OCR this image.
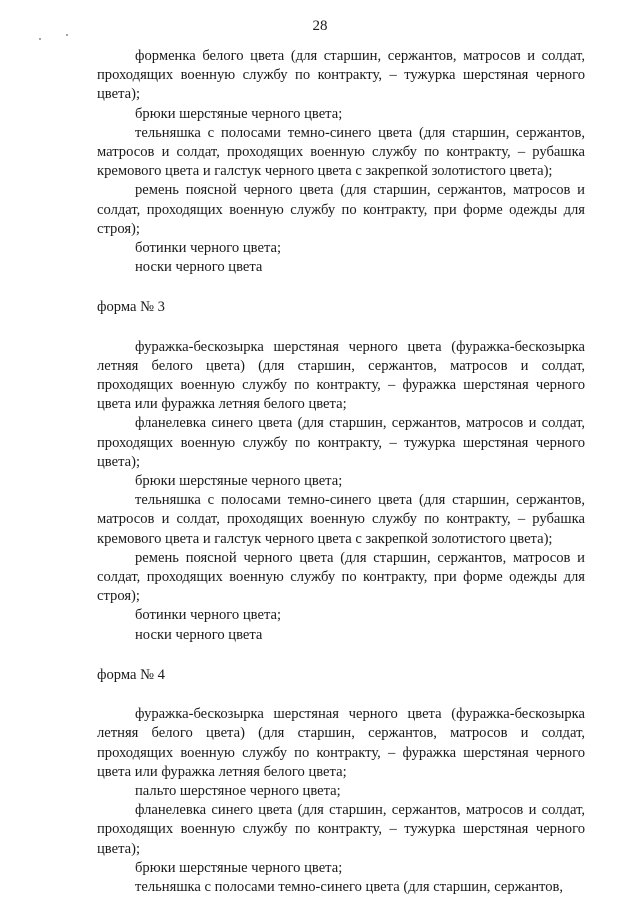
28

форменка белого цвета (для старшин, сержантов, матросов и солдат, проходящих военную службу по контракту, – тужурка шерстяная черного цвета);

брюки шерстяные черного цвета;

тельняшка с полосами темно-синего цвета (для старшин, сержантов, матросов и солдат, проходящих военную службу по контракту, – рубашка кремового цвета и галстук черного цвета с закрепкой золотистого цвета);

ремень поясной черного цвета (для старшин, сержантов, матросов и солдат, проходящих военную службу по контракту, при форме одежды для строя);

ботинки черного цвета;

носки черного цвета

форма № 3

фуражка-бескозырка шерстяная черного цвета (фуражка-бескозырка летняя белого цвета) (для старшин, сержантов, матросов и солдат, проходящих военную службу по контракту, – фуражка шерстяная черного цвета или фуражка летняя белого цвета;

фланелевка синего цвета (для старшин, сержантов, матросов и солдат, проходящих военную службу по контракту, – тужурка шерстяная черного цвета);

брюки шерстяные черного цвета;

тельняшка с полосами темно-синего цвета (для старшин, сержантов, матросов и солдат, проходящих военную службу по контракту, – рубашка кремового цвета и галстук черного цвета с закрепкой золотистого цвета);

ремень поясной черного цвета (для старшин, сержантов, матросов и солдат, проходящих военную службу по контракту, при форме одежды для строя);

ботинки черного цвета;

носки черного цвета

форма № 4

фуражка-бескозырка шерстяная черного цвета (фуражка-бескозырка летняя белого цвета) (для старшин, сержантов, матросов и солдат, проходящих военную службу по контракту, – фуражка шерстяная черного цвета или фуражка летняя белого цвета;

пальто шерстяное черного цвета;

фланелевка синего цвета (для старшин, сержантов, матросов и солдат, проходящих военную службу по контракту, – тужурка шерстяная черного цвета);

брюки шерстяные черного цвета;

тельняшка с полосами темно-синего цвета (для старшин, сержантов,
